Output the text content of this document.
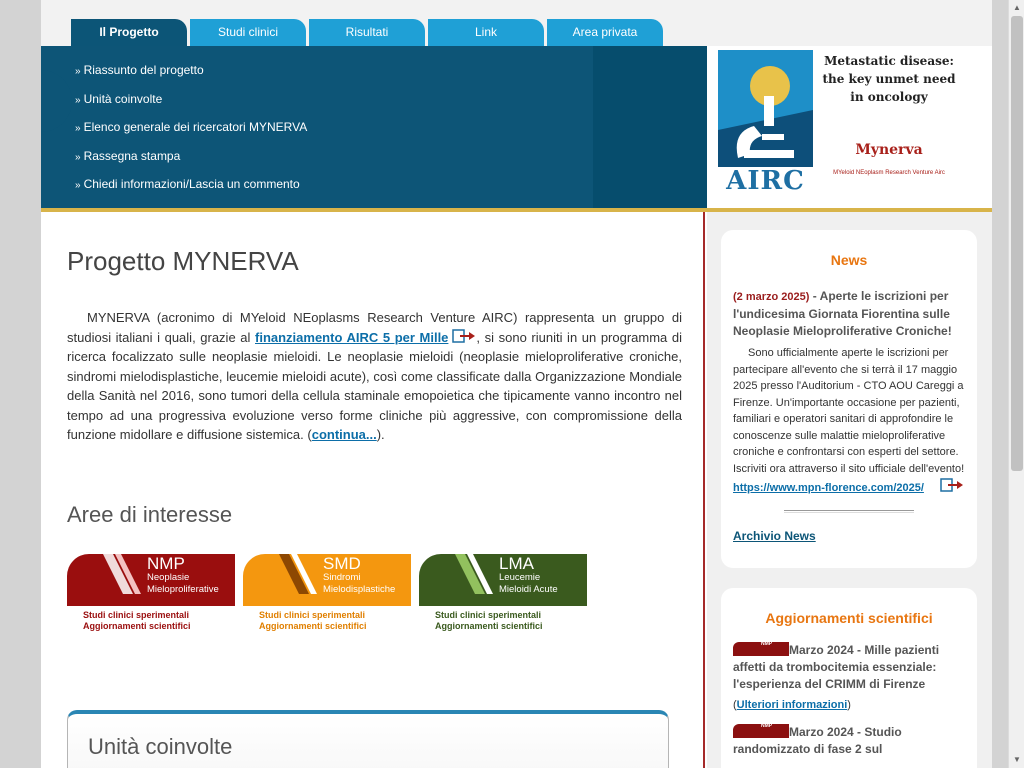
Il Progetto	Studi clinici	Risultati	Link	Area privata
» Riassunto del progetto
» Unità coinvolte
» Elenco generale dei ricercatori MYNERVA
» Rassegna stampa
» Chiedi informazioni/Lascia un commento	AIRC
Metastatic disease:
the key unmet need
in oncology
Mynerva
MYeloid NEoplasm Research Venture Airc
Progetto MYNERVA

MYNERVA (acronimo di MYeloid NEoplasms Research Venture AIRC) rappresenta un gruppo di studiosi italiani i quali, grazie al finanziamento AIRC 5 per Mille , si sono riuniti in un programma di ricerca focalizzato sulle neoplasie mieloidi. Le neoplasie mieloidi (neoplasie mieloproliferative croniche, sindromi mielodisplastiche, leucemie mieloidi acute), così come classificate dalla Organizzazione Mondiale della Sanità nel 2016, sono tumori della cellula staminale emopoietica che tipicamente vanno incontro nel tempo ad una progressiva evoluzione verso forme cliniche più aggressive, con compromissione della funzione midollare e diffusione sistemica. (continua...).

Aree di interesse
NMP
Neoplasie
Mieloproliferative
Studi clinici sperimentali
Aggiornamenti scientifici
SMD
Sindromi
Mielodisplastiche
Studi clinici sperimentali
Aggiornamenti scientifici
LMA
Leucemie
Mieloidi Acute
Studi clinici sperimentali
Aggiornamenti scientifici
Unità coinvolte
News
(2 marzo 2025) - Aperte le iscrizioni per l'undicesima Giornata Fiorentina sulle Neoplasie Mieloproliferative Croniche!

Sono ufficialmente aperte le iscrizioni per partecipare all'evento che si terrà il 17 maggio 2025 presso l'Auditorium - CTO AOU Careggi a Firenze. Un'importante occasione per pazienti, familiari e operatori sanitari di approfondire le conoscenze sulle malattie mieloproliferative croniche e confrontarsi con esperti del settore. Iscriviti ora attraverso il sito ufficiale dell'evento!

https://www.mpn-florence.com/2025/
Archivio News
Aggiornamenti scientifici
NMP Marzo 2024 - Mille pazienti affetti da trombocitemia essenziale: l'esperienza del CRIMM di Firenze
(Ulteriori informazioni)
NMP Marzo 2024 - Studio randomizzato di fase 2 sul
▲
▼
